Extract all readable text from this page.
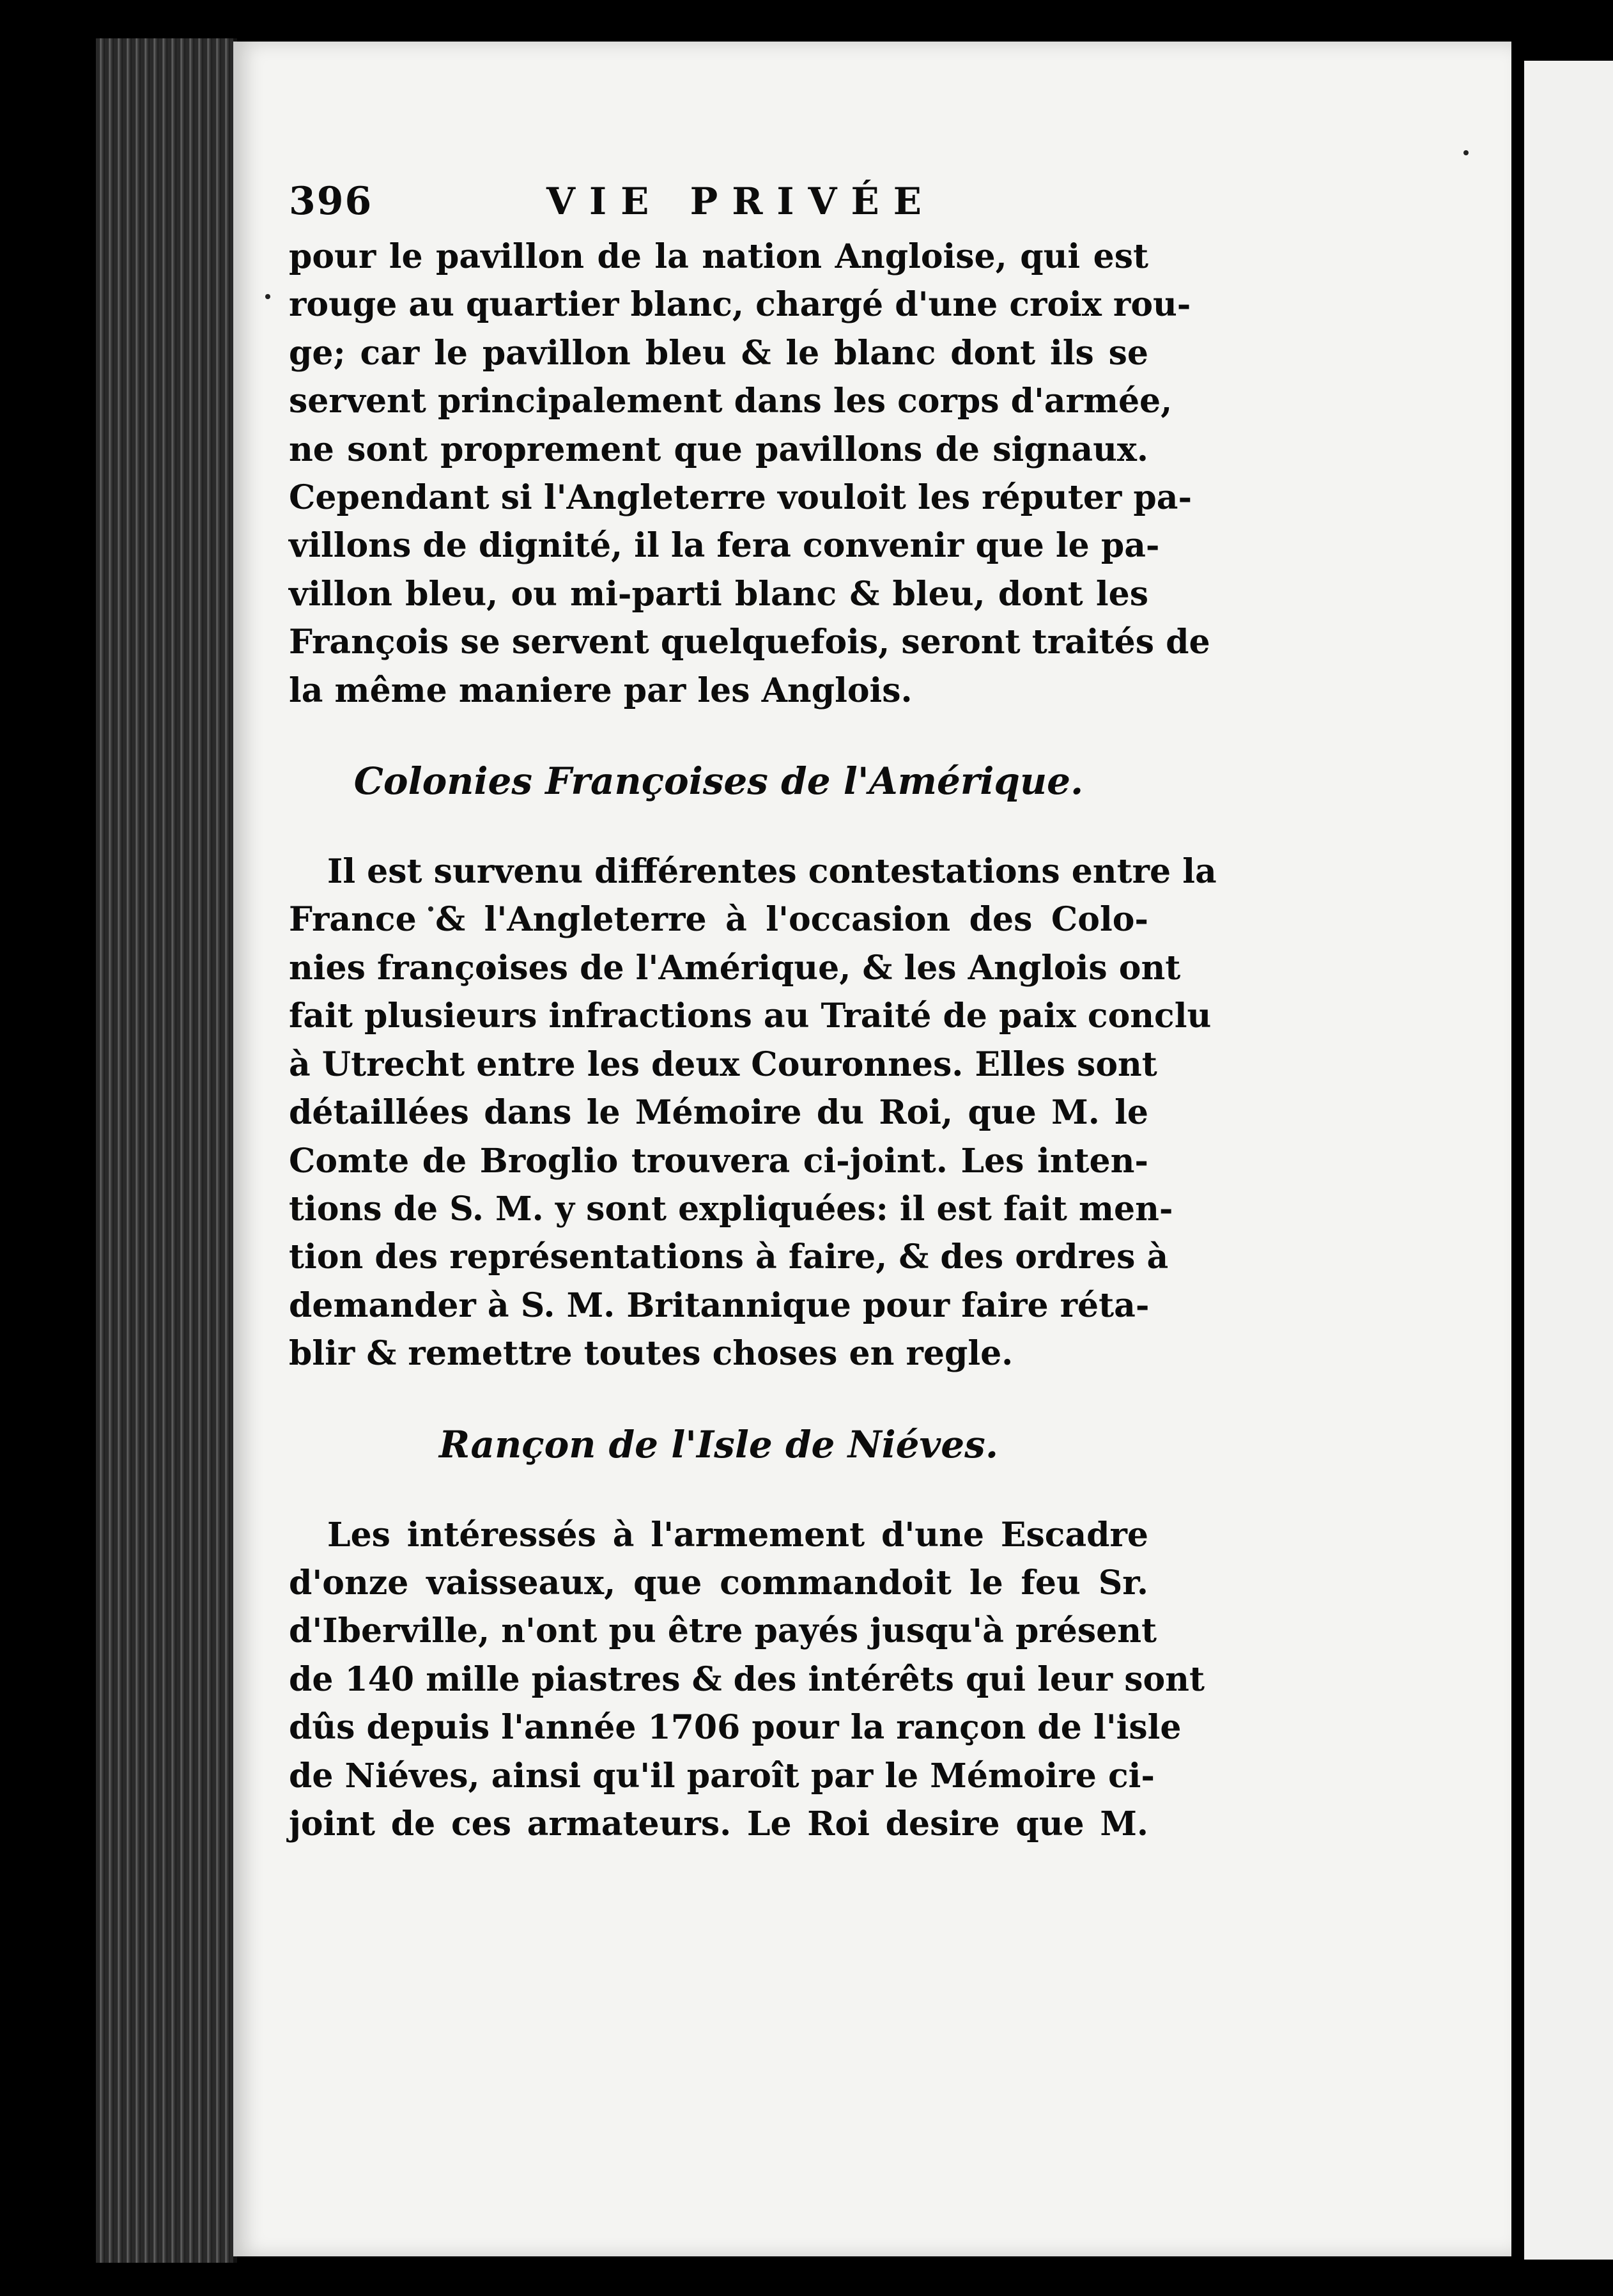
396	VIE PRIVÉE
pour le pavillon de la nation Angloise, qui est
rouge au quartier blanc, chargé d'une croix rou-
ge; car le pavillon bleu & le blanc dont ils se
servent principalement dans les corps d'armée,
ne sont proprement que pavillons de signaux.
Cependant si l'Angleterre vouloit les réputer pa-
villons de dignité, il la fera convenir que le pa-
villon bleu, ou mi-parti blanc & bleu, dont les
François se servent quelquefois, seront traités de
la même maniere par les Anglois.

Colonies Françoises de l'Amérique.

Il est survenu différentes contestations entre la
France & l'Angleterre à l'occasion des Colo-
nies françoises de l'Amérique, & les Anglois ont
fait plusieurs infractions au Traité de paix conclu
à Utrecht entre les deux Couronnes. Elles sont
détaillées dans le Mémoire du Roi, que M. le
Comte de Broglio trouvera ci-joint. Les inten-
tions de S. M. y sont expliquées: il est fait men-
tion des représentations à faire, & des ordres à
demander à S. M. Britannique pour faire réta-
blir & remettre toutes choses en regle.

Rançon de l'Isle de Niéves.

Les intéressés à l'armement d'une Escadre
d'onze vaisseaux, que commandoit le feu Sr.
d'Iberville, n'ont pu être payés jusqu'à présent
de 140 mille piastres & des intérêts qui leur sont
dûs depuis l'année 1706 pour la rançon de l'isle
de Niéves, ainsi qu'il paroît par le Mémoire ci-
joint de ces armateurs. Le Roi desire que M.
